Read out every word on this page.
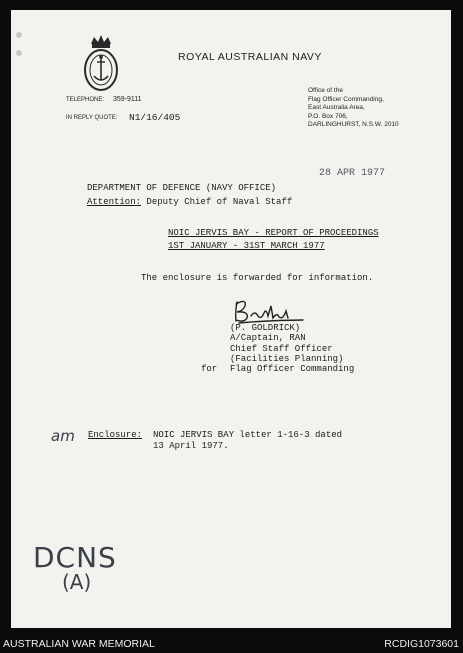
ROYAL AUSTRALIAN NAVY
TELEPHONE: 359-9111
IN REPLY QUOTE: N1/16/405
Office of the
Flag Officer Commanding,
East Australia Area,
P.O. Box 706,
DARLINGHURST, N.S.W. 2010
28 APR 1977
DEPARTMENT OF DEFENCE (NAVY OFFICE)
Attention: Deputy Chief of Naval Staff
NOIC JERVIS BAY - REPORT OF PROCEEDINGS
1ST JANUARY - 31ST MARCH 1977
The enclosure is forwarded for information.
(P. GOLDRICK)
A/Captain, RAN
Chief Staff Officer
(Facilities Planning)
for Flag Officer Commanding
am Enclosure: NOIC JERVIS BAY letter 1-16-3 dated
13 April 1977.
DCNS
(A)
AUSTRALIAN WAR MEMORIAL	RCDIG1073601
